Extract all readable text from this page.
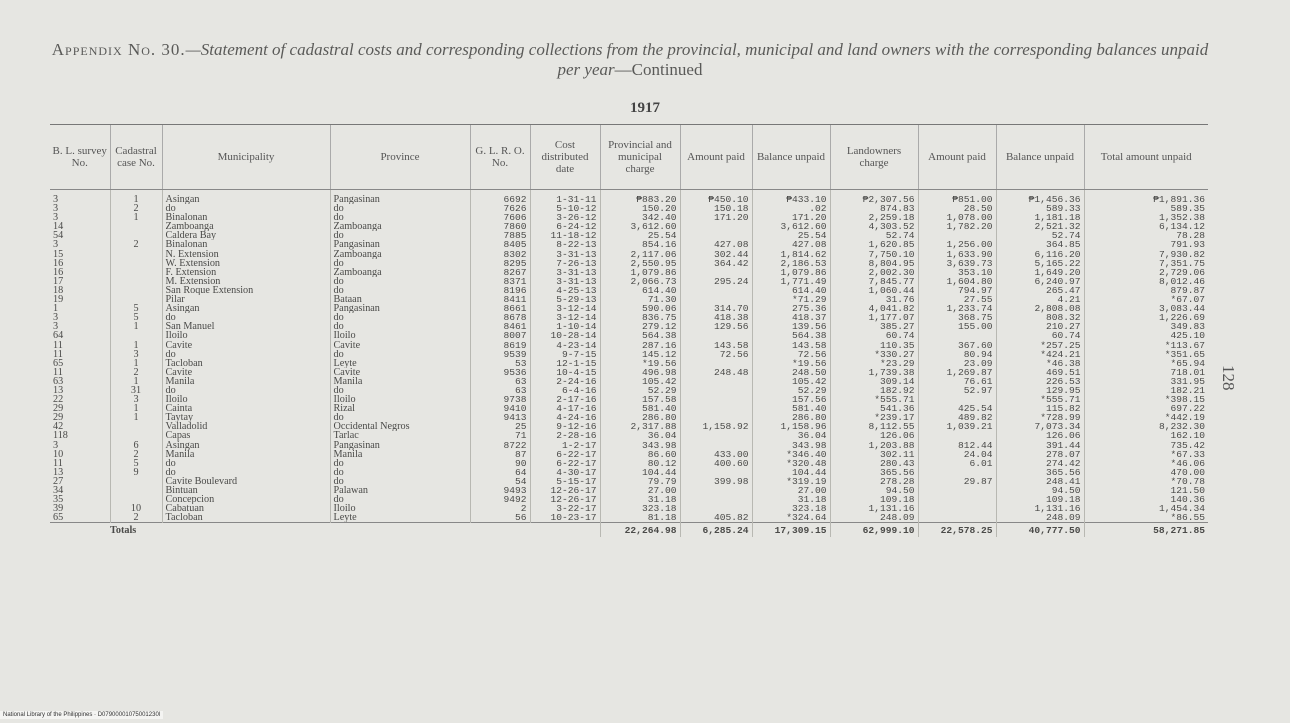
Appendix No. 30.—Statement of cadastral costs and corresponding collections from the provincial, municipal and land owners with the corresponding balances unpaid per year—Continued
1917
128
B. L. survey No.	Cadastral case No.	Municipality	Province	G. L. R. O. No.	Cost distributed date	Provincial and municipal charge	Amount paid	Balance unpaid	Landowners charge	Amount paid	Balance unpaid	Total amount unpaid

3	1	Asingan	Pangasinan	6692	1-31-11	₱883.20	₱450.10	₱433.10	₱2,307.56	₱851.00	₱1,456.36	₱1,891.36
3	2	do	do	7626	5-10-12	150.20	150.18	.02	874.83	28.50	589.33	589.35
3	1	Binalonan	do	7606	3-26-12	342.40	171.20	171.20	2,259.18	1,078.00	1,181.18	1,352.38
14		Zamboanga	Zamboanga	7860	6-24-12	3,612.60		3,612.60	4,303.52	1,782.20	2,521.32	6,134.12
54		Caldera Bay	do	7885	11-18-12	25.54		25.54	52.74		52.74	78.28
3	2	Binalonan	Pangasinan	8405	8-22-13	854.16	427.08	427.08	1,620.85	1,256.00	364.85	791.93
15		N. Extension	Zamboanga	8302	3-31-13	2,117.06	302.44	1,814.62	7,750.10	1,633.90	6,116.20	7,930.82
16		W. Extension	do	8295	7-26-13	2,550.95	364.42	2,186.53	8,804.95	3,639.73	5,165.22	7,351.75
16		F. Extension	Zamboanga	8267	3-31-13	1,079.86		1,079.86	2,002.30	353.10	1,649.20	2,729.06
17		M. Extension	do	8371	3-31-13	2,066.73	295.24	1,771.49	7,845.77	1,604.80	6,240.97	8,012.46
18		San Roque Extension	do	8196	4-25-13	614.40		614.40	1,060.44	794.97	265.47	879.87
19		Pilar	Bataan	8411	5-29-13	71.30		*71.29	31.76	27.55	4.21	*67.07
1	5	Asingan	Pangasinan	8661	3-12-14	590.06	314.70	275.36	4,041.82	1,233.74	2,808.08	3,083.44
3	5	do	do	8678	3-12-14	836.75	418.38	418.37	1,177.07	368.75	808.32	1,226.69
3	1	San Manuel	do	8461	1-10-14	279.12	129.56	139.56	385.27	155.00	210.27	349.83
64		Iloilo	Iloilo	8007	10-28-14	564.38		564.38	60.74		60.74	425.10
11	1	Cavite	Cavite	8619	4-23-14	287.16	143.58	143.58	110.35	367.60	*257.25	*113.67
11	3	do	do	9539	9-7-15	145.12	72.56	72.56	*330.27	80.94	*424.21	*351.65
65	1	Tacloban	Leyte	53	12-1-15	*19.56		*19.56	*23.29	23.09	*46.38	*65.94
11	2	Cavite	Cavite	9536	10-4-15	496.98	248.48	248.50	1,739.38	1,269.87	469.51	718.01
63	1	Manila	Manila	63	2-24-16	105.42		105.42	309.14	76.61	226.53	331.95
13	31	do	do	63	6-4-16	52.29		52.29	182.92	52.97	129.95	182.21
22	3	Iloilo	Iloilo	9738	2-17-16	157.58		157.56	*555.71		*555.71	*398.15
29	1	Cainta	Rizal	9410	4-17-16	581.40		581.40	541.36	425.54	115.82	697.22
29	1	Taytay	do	9413	4-24-16	286.80		286.80	*239.17	489.82	*728.99	*442.19
42		Valladolid	Occidental Negros	25	9-12-16	2,317.88	1,158.92	1,158.96	8,112.55	1,039.21	7,073.34	8,232.30
118		Capas	Tarlac	71	2-28-16	36.04		36.04	126.06		126.06	162.10
3	6	Asingan	Pangasinan	8722	1-2-17	343.98		343.98	1,203.88	812.44	391.44	735.42
10	2	Manila	Manila	87	6-22-17	86.60	433.00	*346.40	302.11	24.04	278.07	*67.33
11	5	do	do	90	6-22-17	80.12	400.60	*320.48	280.43	6.01	274.42	*46.06
13	9	do	do	64	4-30-17	104.44		104.44	365.56		365.56	470.00
27		Cavite Boulevard	do	54	5-15-17	79.79	399.98	*319.19	278.28	29.87	248.41	*70.78
34		Bintuan	Palawan	9493	12-26-17	27.00		27.00	94.50		94.50	121.50
35		Concepcion	do	9492	12-26-17	31.18		31.18	109.18		109.18	140.36
39	10	Cabatuan	Iloilo	2	3-22-17	323.18		323.18	1,131.16		1,131.16	1,454.34
65	2	Tacloban	Leyte	56	10-23-17	81.18	405.82	*324.64	248.09		248.09	*86.55
Totals						22,264.98	6,285.24	17,309.15	62,999.10	22,578.25	40,777.50	58,271.85
National Library of the Philippines · D07900001075001230l
